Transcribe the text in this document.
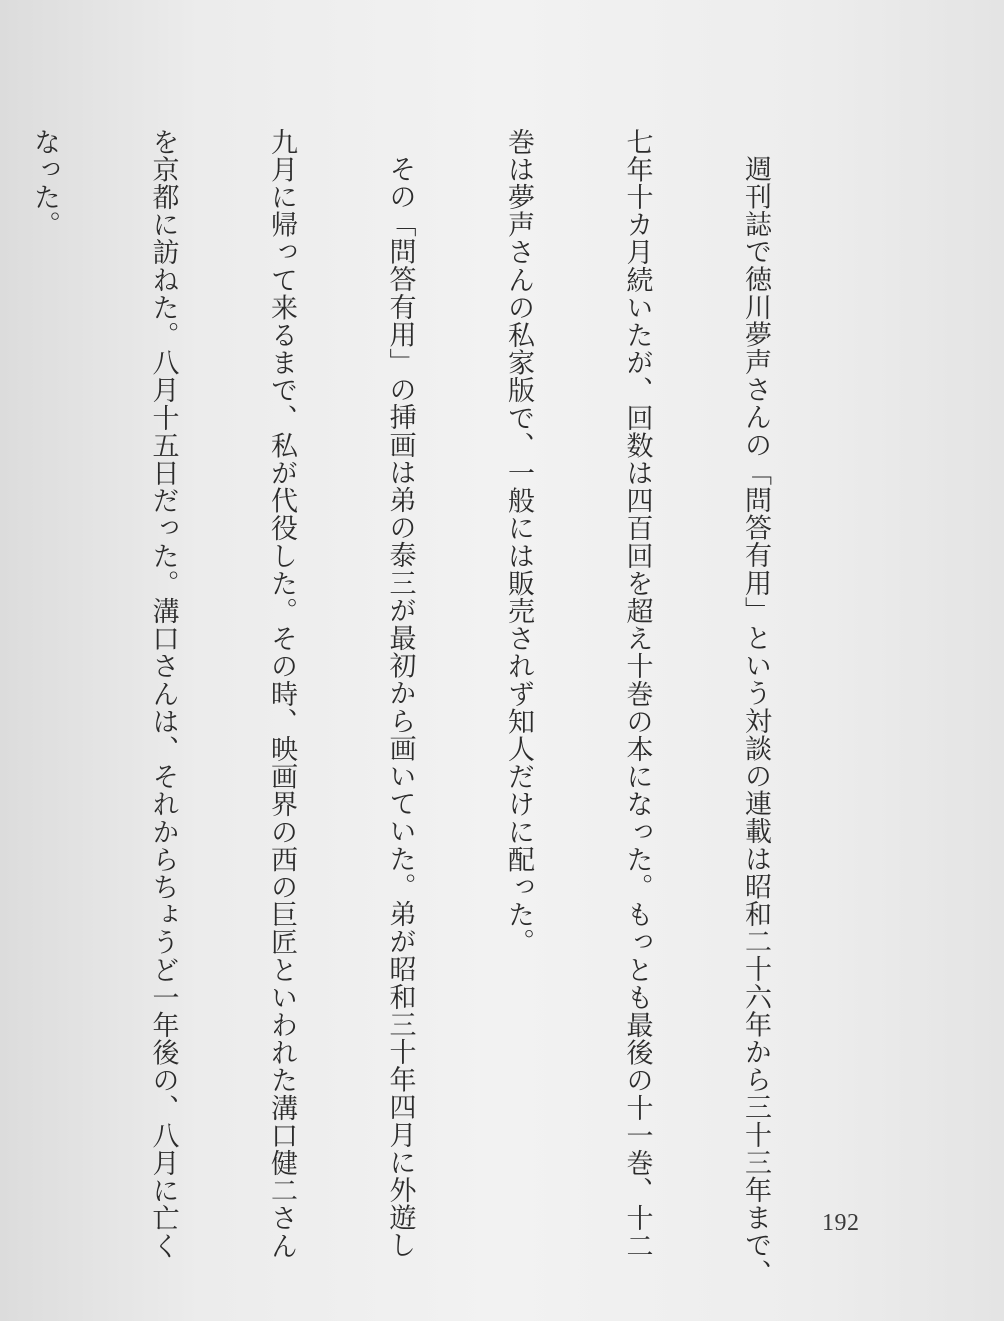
週刊誌で徳川夢声さんの「問答有用」という対談の連載は昭和二十六年から三十三年まで、

七年十カ月続いたが、回数は四百回を超え十巻の本になった。もっとも最後の十一巻、十二

巻は夢声さんの私家版で、一般には販売されず知人だけに配った。

その「問答有用」の挿画は弟の泰三が最初から画いていた。弟が昭和三十年四月に外遊し

九月に帰って来るまで、私が代役した。その時、映画界の西の巨匠といわれた溝口健二さん

を京都に訪ねた。八月十五日だった。溝口さんは、それからちょうど一年後の、八月に亡く

なった。

192
